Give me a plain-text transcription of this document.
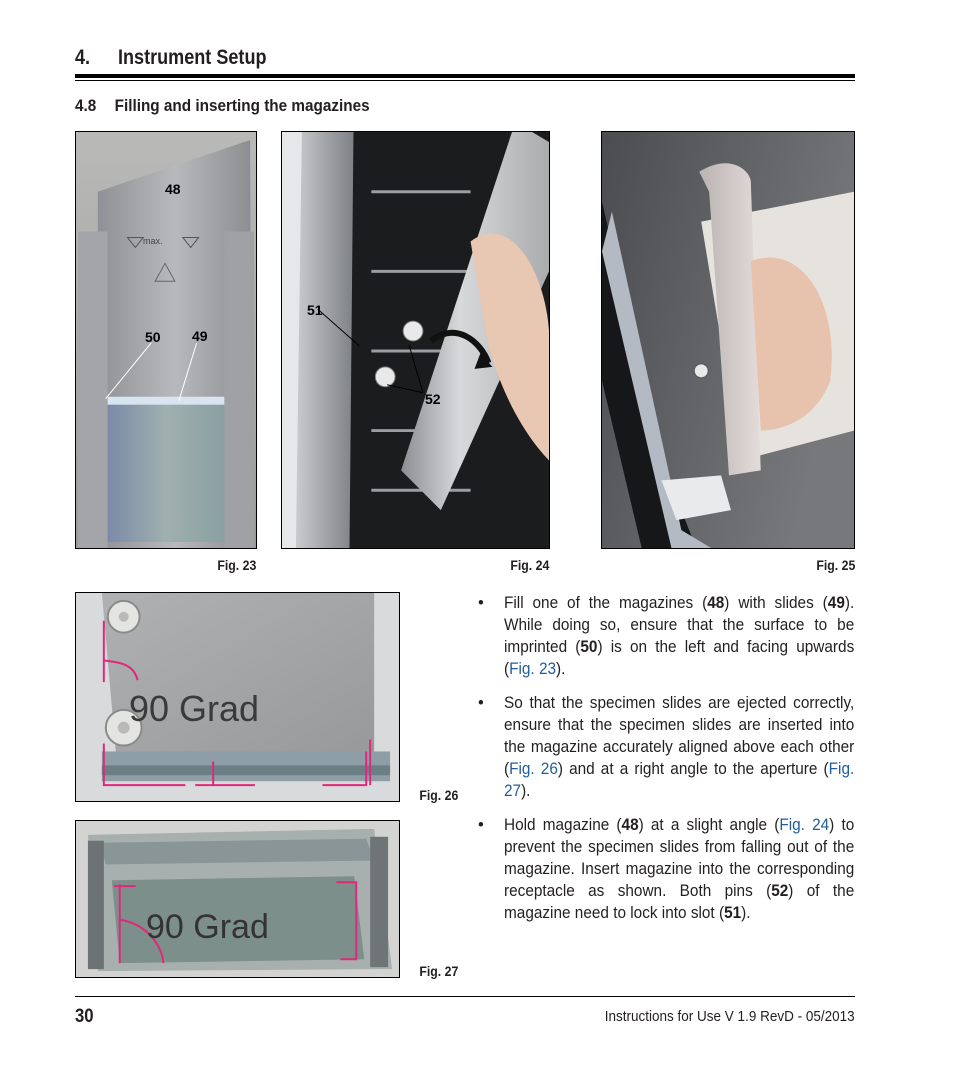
4. Instrument Setup
4.8 Filling and inserting the magazines
48
max.
50 49
Fig. 23
51
52
Fig. 24	Fig. 25
90 Grad
Fig. 26
90 Grad
Fig. 27
• Fill one of the magazines (48) with slides (49). While doing so, ensure that the surface to be imprinted (50) is on the left and facing upwards (Fig. 23).
• So that the specimen slides are ejected correctly, ensure that the specimen slides are inserted into the magazine accurately aligned above each other (Fig. 26) and at a right angle to the aperture (Fig. 27).
• Hold magazine (48) at a slight angle (Fig. 24) to prevent the specimen slides from falling out of the magazine. Insert magazine into the corresponding receptacle as shown. Both pins (52) of the magazine need to lock into slot (51).
30	Instructions for Use V 1.9 RevD - 05/2013
